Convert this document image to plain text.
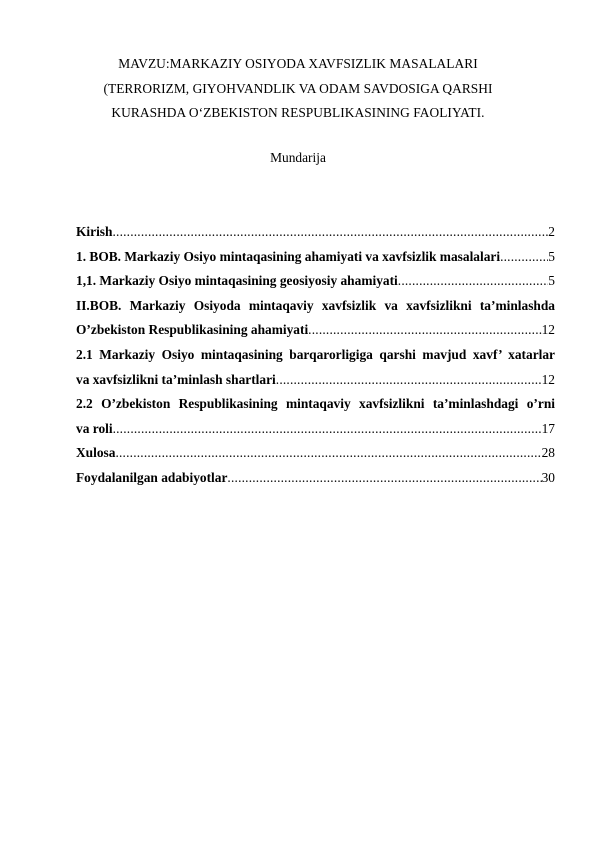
MAVZU:MARKAZIY OSIYODA XAVFSIZLIK MASALALARI
(TERRORIZM, GIYOHVANDLIK VA ODAM SAVDOSIGA QARSHI
KURASHDA O‘ZBEKISTON RESPUBLIKASINING FAOLIYATI.
Mundarija
Kirish .....	2
1. BOB. Markaziy Osiyo mintaqasining ahamiyati va xavfsizlik masalalari .....	5
1,1. Markaziy Osiyo mintaqasining geosiyosiy ahamiyati .....	5
II.BOB. Markaziy Osiyoda mintaqaviy xavfsizlik va xavfsizlikni ta’minlashda
O’zbekiston Respublikasining ahamiyati .....	12
2.1 Markaziy Osiyo mintaqasining barqarorligiga qarshi mavjud xavf’ xatarlar
va xavfsizlikni ta’minlash shartlari .....	12
2.2 O’zbekiston Respublikasining mintaqaviy xavfsizlikni ta’minlashdagi o’rni
va roli .....	17
Xulosa .....	28
Foydalanilgan adabiyotlar .....	30
